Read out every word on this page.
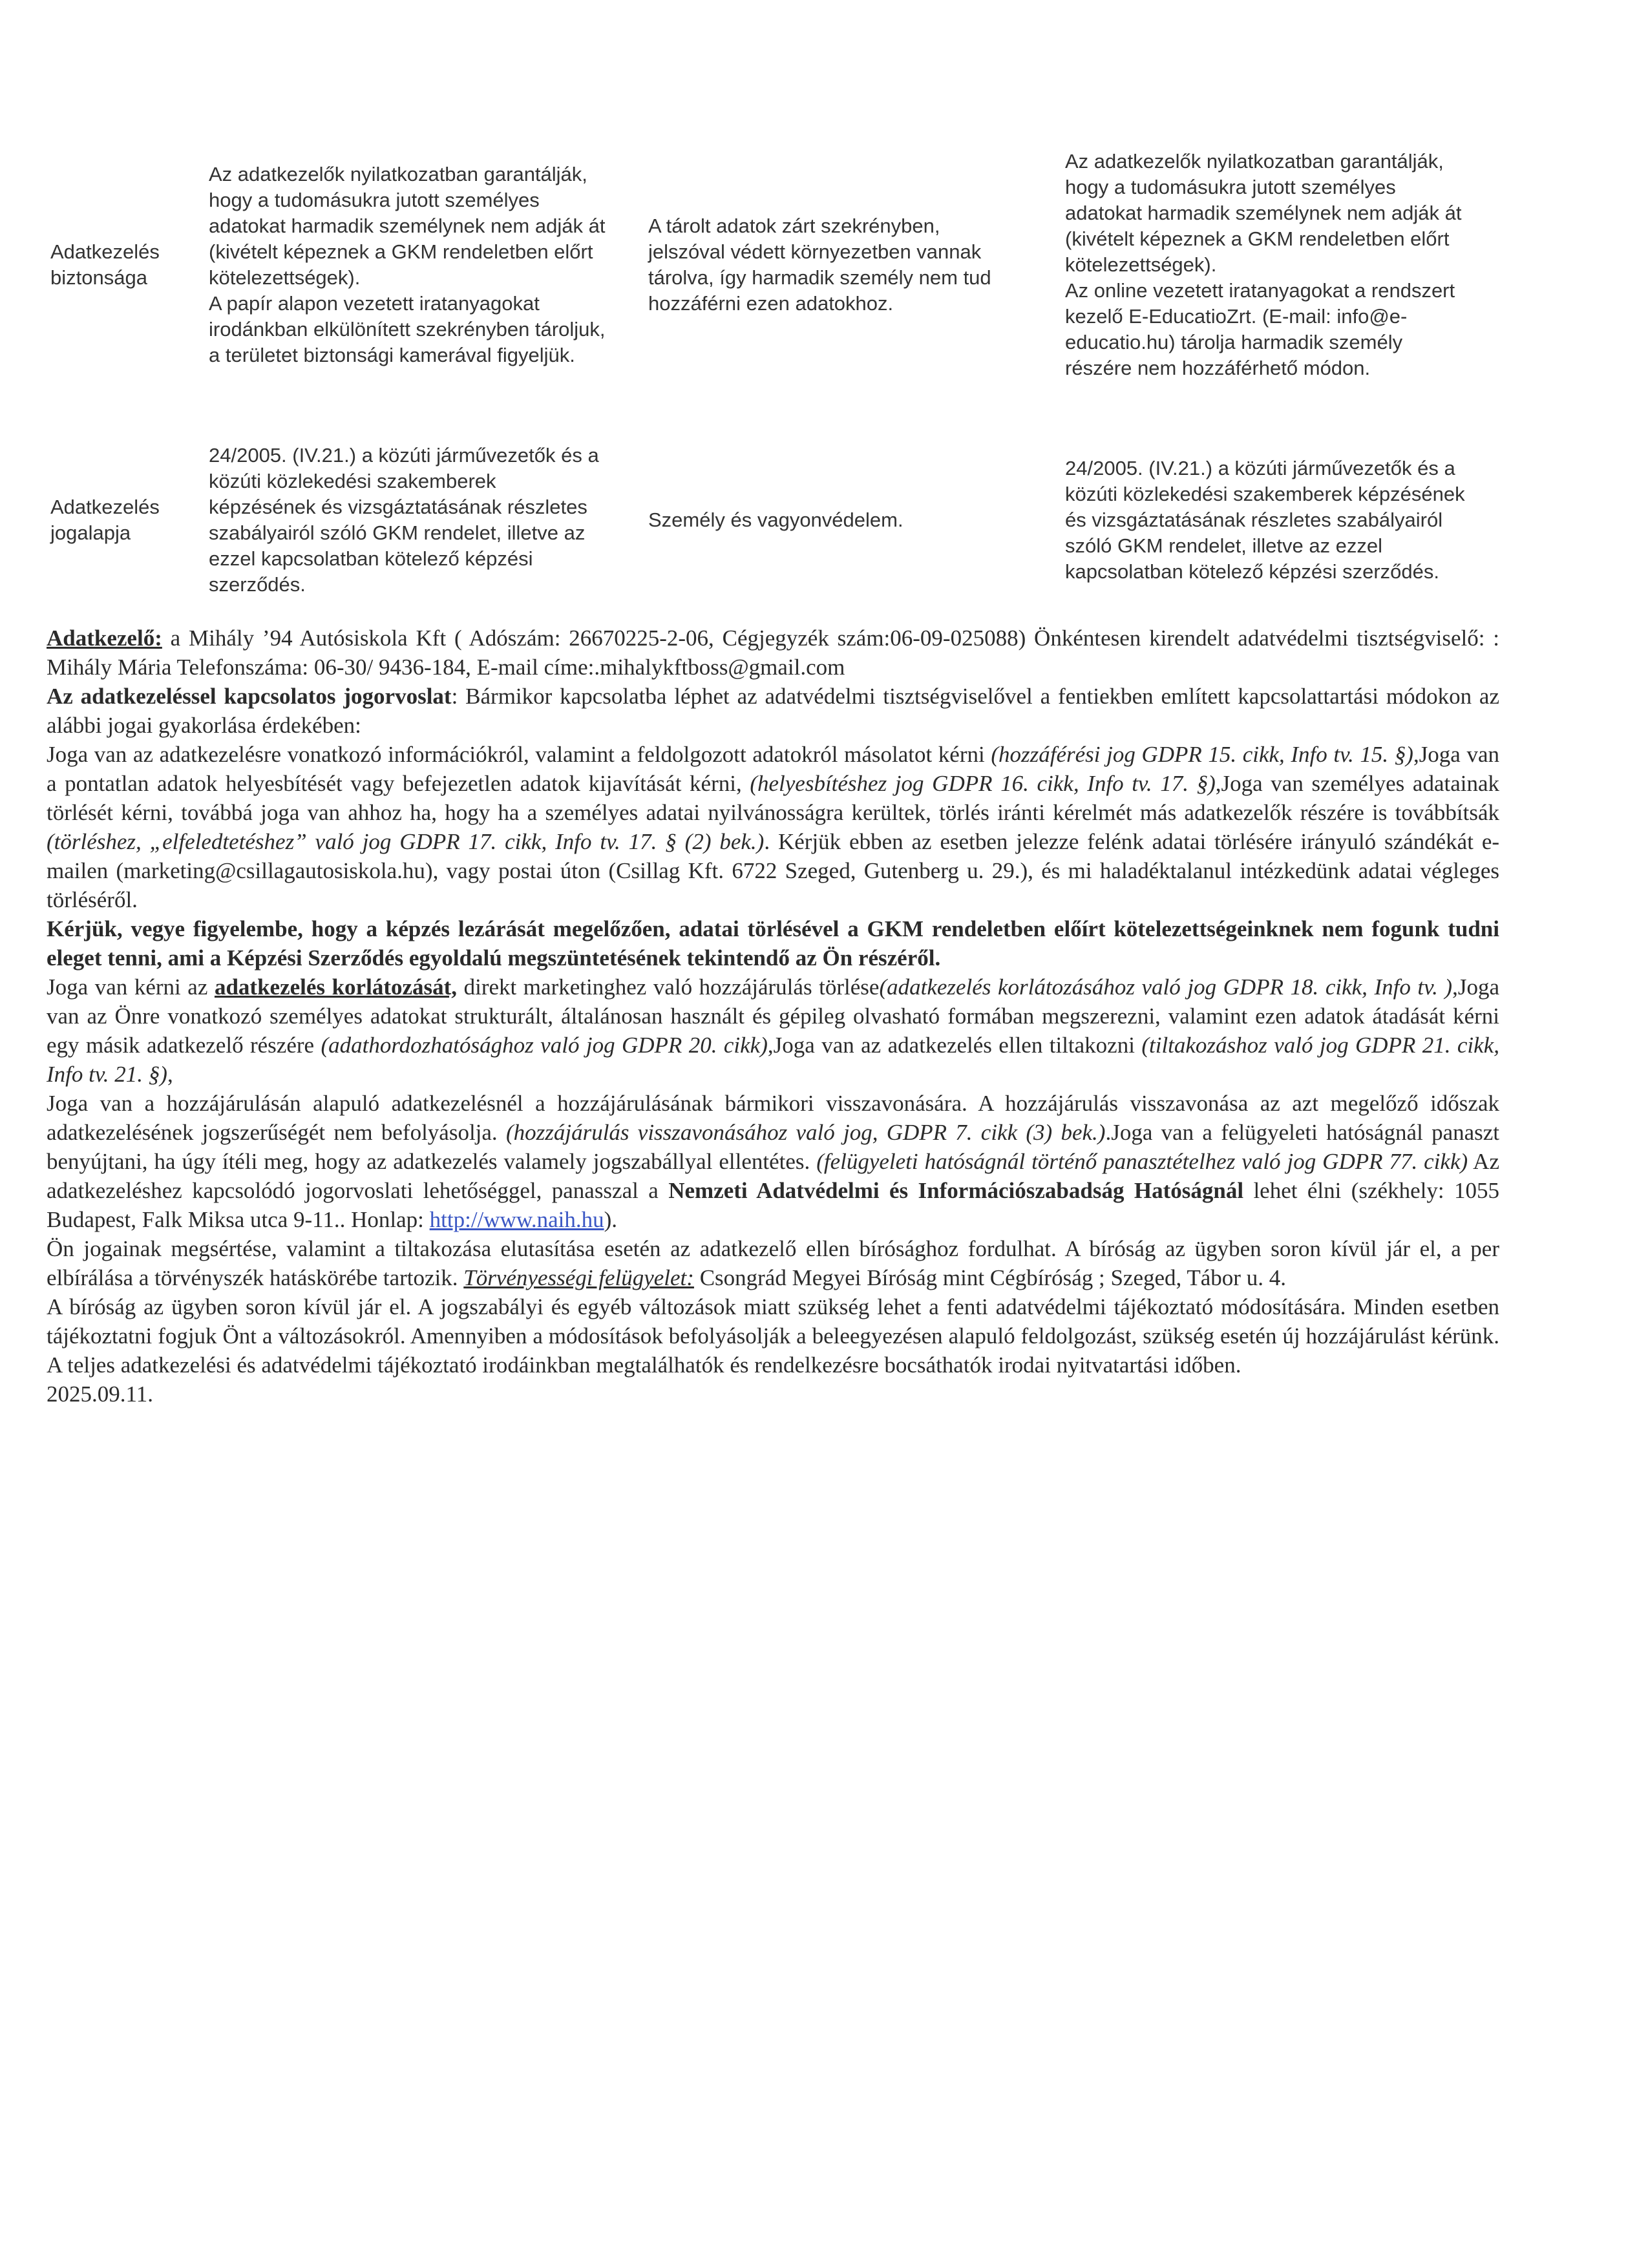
Adatkezelés
biztonsága
Az adatkezelők nyilatkozatban garantálják,
hogy a tudomásukra jutott személyes
adatokat harmadik személynek nem adják át
(kivételt képeznek a GKM rendeletben előrt
kötelezettségek).
A papír alapon vezetett iratanyagokat
irodánkban elkülönített szekrényben tároljuk,
a területet biztonsági kamerával figyeljük.
A tárolt adatok zárt szekrényben,
jelszóval védett környezetben vannak
tárolva, így harmadik személy nem tud
hozzáférni ezen adatokhoz.
Az adatkezelők nyilatkozatban garantálják,
hogy a tudomásukra jutott személyes
adatokat harmadik személynek nem adják át
(kivételt képeznek a GKM rendeletben előrt
kötelezettségek).
Az online vezetett iratanyagokat a rendszert
kezelő E-EducatioZrt. (E-mail: info@e-
educatio.hu) tárolja harmadik személy
részére nem hozzáférhető módon.
Adatkezelés
jogalapja
24/2005. (IV.21.) a közúti járművezetők és a
közúti közlekedési szakemberek
képzésének és vizsgáztatásának részletes
szabályairól szóló GKM rendelet, illetve az
ezzel kapcsolatban kötelező képzési
szerződés.
Személy és vagyonvédelem.
24/2005. (IV.21.) a közúti járművezetők és a
közúti közlekedési szakemberek képzésének
és vizsgáztatásának részletes szabályairól
szóló GKM rendelet, illetve az ezzel
kapcsolatban kötelező képzési szerződés.

Adatkezelő: a Mihály ’94 Autósiskola Kft ( Adószám: 26670225-2-06, Cégjegyzék szám:06-09-025088) Önkéntesen kirendelt adatvédelmi tisztségviselő: : Mihály Mária Telefonszáma: 06-30/ 9436-184, E-mail címe:.mihalykftboss@gmail.com

Az adatkezeléssel kapcsolatos jogorvoslat: Bármikor kapcsolatba léphet az adatvédelmi tisztségviselővel a fentiekben említett kapcsolattartási módokon az alábbi jogai gyakorlása érdekében:

Joga van az adatkezelésre vonatkozó információkról, valamint a feldolgozott adatokról másolatot kérni (hozzáférési jog GDPR 15. cikk, Info tv. 15. §),Joga van a pontatlan adatok helyesbítését vagy befejezetlen adatok kijavítását kérni, (helyesbítéshez jog GDPR 16. cikk, Info tv. 17. §),Joga van személyes adatainak törlését kérni, továbbá joga van ahhoz ha, hogy ha a személyes adatai nyilvánosságra kerültek, törlés iránti kérelmét más adatkezelők részére is továbbítsák (törléshez, „elfeledtetéshez” való jog GDPR 17. cikk, Info tv. 17. § (2) bek.). Kérjük ebben az esetben jelezze felénk adatai törlésére irányuló szándékát e-mailen (marketing@csillagautosiskola.hu), vagy postai úton (Csillag Kft. 6722 Szeged, Gutenberg u. 29.), és mi haladéktalanul intézkedünk adatai végleges törléséről.

Kérjük, vegye figyelembe, hogy a képzés lezárását megelőzően, adatai törlésével a GKM rendeletben előírt kötelezettségeinknek nem fogunk tudni eleget tenni, ami a Képzési Szerződés egyoldalú megszüntetésének tekintendő az Ön részéről.

Joga van kérni az adatkezelés korlátozását, direkt marketinghez való hozzájárulás törlése(adatkezelés korlátozásához való jog GDPR 18. cikk, Info tv. ),Joga van az Önre vonatkozó személyes adatokat strukturált, általánosan használt és gépileg olvasható formában megszerezni, valamint ezen adatok átadását kérni egy másik adatkezelő részére (adathordozhatósághoz való jog GDPR 20. cikk),Joga van az adatkezelés ellen tiltakozni (tiltakozáshoz való jog GDPR 21. cikk, Info tv. 21. §),

Joga van a hozzájárulásán alapuló adatkezelésnél a hozzájárulásának bármikori visszavonására. A hozzájárulás visszavonása az azt megelőző időszak adatkezelésének jogszerűségét nem befolyásolja. (hozzájárulás visszavonásához való jog, GDPR 7. cikk (3) bek.).Joga van a felügyeleti hatóságnál panaszt benyújtani, ha úgy ítéli meg, hogy az adatkezelés valamely jogszabállyal ellentétes. (felügyeleti hatóságnál történő panasztételhez való jog GDPR 77. cikk) Az adatkezeléshez kapcsolódó jogorvoslati lehetőséggel, panasszal a Nemzeti Adatvédelmi és Információszabadság Hatóságnál lehet élni (székhely: 1055 Budapest, Falk Miksa utca 9-11.. Honlap: http://www.naih.hu).

Ön jogainak megsértése, valamint a tiltakozása elutasítása esetén az adatkezelő ellen bírósághoz fordulhat. A bíróság az ügyben soron kívül jár el, a per elbírálása a törvényszék hatáskörébe tartozik. Törvényességi felügyelet: Csongrád Megyei Bíróság mint Cégbíróság ; Szeged, Tábor u. 4.

A bíróság az ügyben soron kívül jár el. A jogszabályi és egyéb változások miatt szükség lehet a fenti adatvédelmi tájékoztató módosítására. Minden esetben tájékoztatni fogjuk Önt a változásokról. Amennyiben a módosítások befolyásolják a beleegyezésen alapuló feldolgozást, szükség esetén új hozzájárulást kérünk. A teljes adatkezelési és adatvédelmi tájékoztató irodáinkban megtalálhatók és rendelkezésre bocsáthatók irodai nyitvatartási időben.

2025.09.11.
